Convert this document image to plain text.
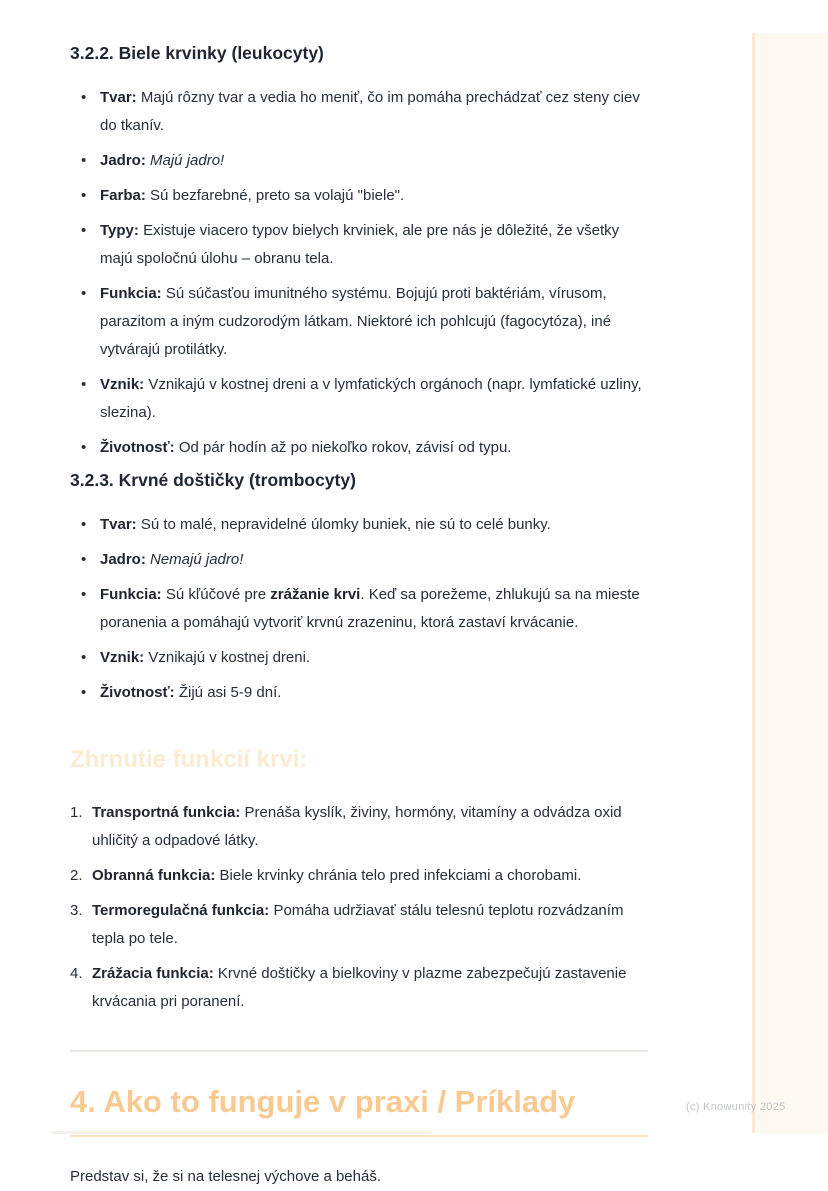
3.2.2. Biele krvinky (leukocyty)
• Tvar: Majú rôzny tvar a vedia ho meniť, čo im pomáha prechádzať cez steny ciev do tkanív.
• Jadro: Majú jadro!
• Farba: Sú bezfarebné, preto sa volajú "biele".
• Typy: Existuje viacero typov bielych krviniek, ale pre nás je dôležité, že všetky majú spoločnú úlohu – obranu tela.
• Funkcia: Sú súčasťou imunitného systému. Bojujú proti baktériám, vírusom, parazitom a iným cudzorodým látkam. Niektoré ich pohlcujú (fagocytóza), iné vytvárajú protilátky.
• Vznik: Vznikajú v kostnej dreni a v lymfatických orgánoch (napr. lymfatické uzliny, slezina).
• Životnosť: Od pár hodín až po niekoľko rokov, závisí od typu.
3.2.3. Krvné doštičky (trombocyty)
• Tvar: Sú to malé, nepravidelné úlomky buniek, nie sú to celé bunky.
• Jadro: Nemajú jadro!
• Funkcia: Sú kľúčové pre zrážanie krvi. Keď sa porežeme, zhlukujú sa na mieste poranenia a pomáhajú vytvoriť krvnú zrazeninu, ktorá zastaví krvácanie.
• Vznik: Vznikajú v kostnej dreni.
• Životnosť: Žijú asi 5-9 dní.
Zhrnutie funkcií krvi:
Transportná funkcia: Prenáša kyslík, živiny, hormóny, vitamíny a odvádza oxid uhličitý a odpadové látky.
Obranná funkcia: Biele krvinky chránia telo pred infekciami a chorobami.
Termoregulačná funkcia: Pomáha udržiavať stálu telesnú teplotu rozvádzaním tepla po tele.
Zrážacia funkcia: Krvné doštičky a bielkoviny v plazme zabezpečujú zastavenie krvácania pri poranení.
4. Ako to funguje v praxi / Príklady

Predstav si, že si na telesnej výchove a beháš.

(c) Knowunity 2025
